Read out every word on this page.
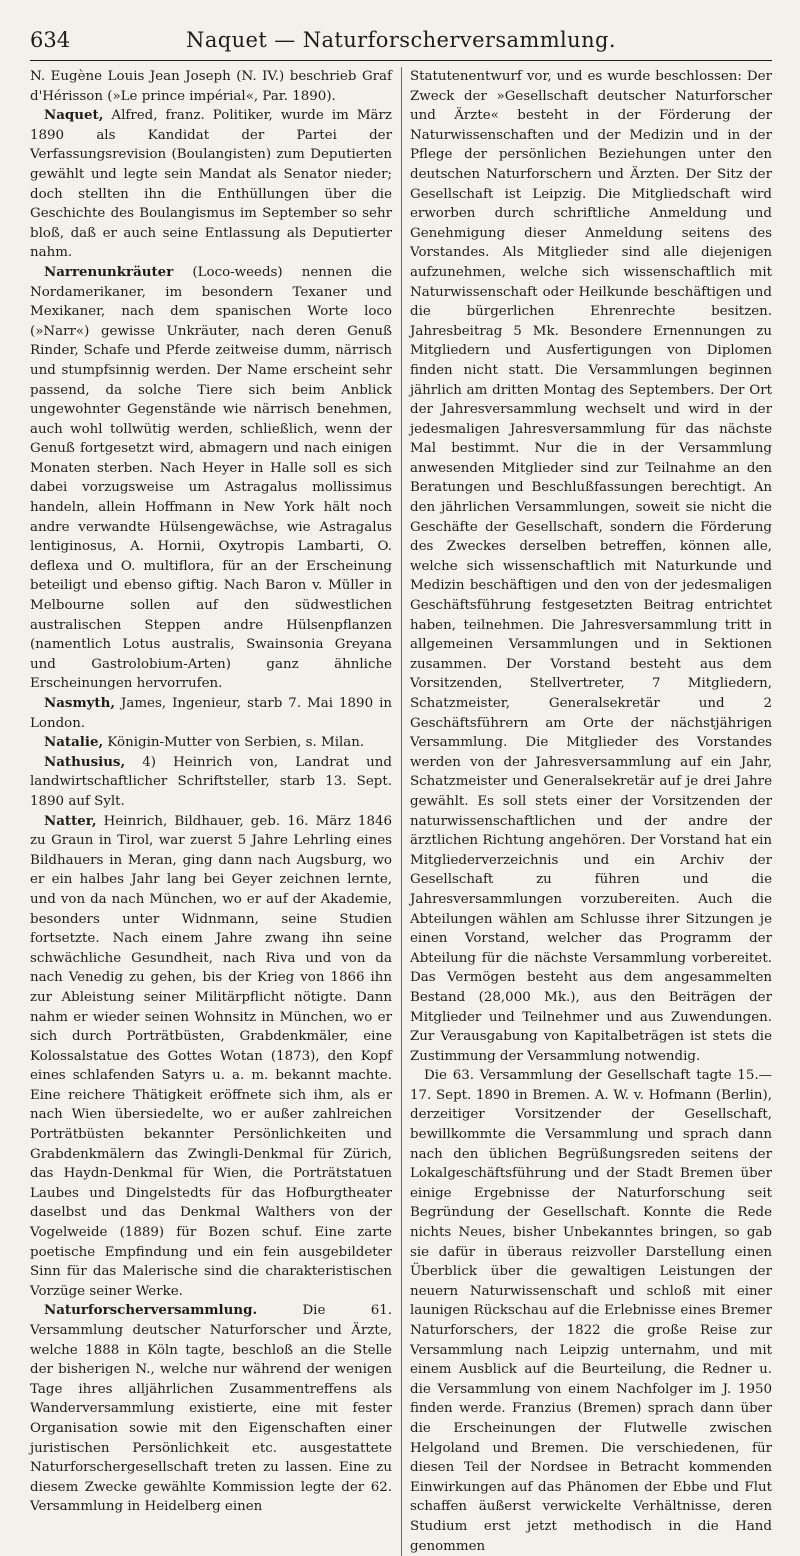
634	Naquet — Naturforscherversammlung.

N. Eugène Louis Jean Joseph (N. IV.) beschrieb Graf d'Hérisson (»Le prince impérial«, Par. 1890).

Naquet, Alfred, franz. Politiker, wurde im März 1890 als Kandidat der Partei der Verfassungsrevision (Boulangisten) zum Deputierten gewählt und legte sein Mandat als Senator nieder; doch stellten ihn die Enthüllungen über die Geschichte des Boulangismus im September so sehr bloß, daß er auch seine Entlassung als Deputierter nahm.

Narrenunkräuter (Loco-weeds) nennen die Nordamerikaner, im besondern Texaner und Mexikaner, nach dem spanischen Worte loco (»Narr«) gewisse Unkräuter, nach deren Genuß Rinder, Schafe und Pferde zeitweise dumm, närrisch und stumpfsinnig werden. Der Name erscheint sehr passend, da solche Tiere sich beim Anblick ungewohnter Gegenstände wie närrisch benehmen, auch wohl tollwütig werden, schließlich, wenn der Genuß fortgesetzt wird, abmagern und nach einigen Monaten sterben. Nach Heyer in Halle soll es sich dabei vorzugsweise um Astragalus mollissimus handeln, allein Hoffmann in New York hält noch andre verwandte Hülsengewächse, wie Astragalus lentiginosus, A. Hornii, Oxytropis Lambarti, O. deflexa und O. multiflora, für an der Erscheinung beteiligt und ebenso giftig. Nach Baron v. Müller in Melbourne sollen auf den südwestlichen australischen Steppen andre Hülsenpflanzen (namentlich Lotus australis, Swainsonia Greyana und Gastrolobium-Arten) ganz ähnliche Erscheinungen hervorrufen.

Nasmyth, James, Ingenieur, starb 7. Mai 1890 in London.

Natalie, Königin-Mutter von Serbien, s. Milan.

Nathusius, 4) Heinrich von, Landrat und landwirtschaftlicher Schriftsteller, starb 13. Sept. 1890 auf Sylt.

Natter, Heinrich, Bildhauer, geb. 16. März 1846 zu Graun in Tirol, war zuerst 5 Jahre Lehrling eines Bildhauers in Meran, ging dann nach Augsburg, wo er ein halbes Jahr lang bei Geyer zeichnen lernte, und von da nach München, wo er auf der Akademie, besonders unter Widnmann, seine Studien fortsetzte. Nach einem Jahre zwang ihn seine schwächliche Gesundheit, nach Riva und von da nach Venedig zu gehen, bis der Krieg von 1866 ihn zur Ableistung seiner Militärpflicht nötigte. Dann nahm er wieder seinen Wohnsitz in München, wo er sich durch Porträtbüsten, Grabdenkmäler, eine Kolossalstatue des Gottes Wotan (1873), den Kopf eines schlafenden Satyrs u. a. m. bekannt machte. Eine reichere Thätigkeit eröffnete sich ihm, als er nach Wien übersiedelte, wo er außer zahlreichen Porträtbüsten bekannter Persönlichkeiten und Grabdenkmälern das Zwingli-Denkmal für Zürich, das Haydn-Denkmal für Wien, die Porträtstatuen Laubes und Dingelstedts für das Hofburgtheater daselbst und das Denkmal Walthers von der Vogelweide (1889) für Bozen schuf. Eine zarte poetische Empfindung und ein fein ausgebildeter Sinn für das Malerische sind die charakteristischen Vorzüge seiner Werke.

Naturforscherversammlung. Die 61. Versammlung deutscher Naturforscher und Ärzte, welche 1888 in Köln tagte, beschloß an die Stelle der bisherigen N., welche nur während der wenigen Tage ihres alljährlichen Zusammentreffens als Wanderversammlung existierte, eine mit fester Organisation sowie mit den Eigenschaften einer juristischen Persönlichkeit etc. ausgestattete Naturforschergesellschaft treten zu lassen. Eine zu diesem Zwecke gewählte Kommission legte der 62. Versammlung in Heidelberg einen

Statutenentwurf vor, und es wurde beschlossen: Der Zweck der »Gesellschaft deutscher Naturforscher und Ärzte« besteht in der Förderung der Naturwissenschaften und der Medizin und in der Pflege der persönlichen Beziehungen unter den deutschen Naturforschern und Ärzten. Der Sitz der Gesellschaft ist Leipzig. Die Mitgliedschaft wird erworben durch schriftliche Anmeldung und Genehmigung dieser Anmeldung seitens des Vorstandes. Als Mitglieder sind alle diejenigen aufzunehmen, welche sich wissenschaftlich mit Naturwissenschaft oder Heilkunde beschäftigen und die bürgerlichen Ehrenrechte besitzen. Jahresbeitrag 5 Mk. Besondere Ernennungen zu Mitgliedern und Ausfertigungen von Diplomen finden nicht statt. Die Versammlungen beginnen jährlich am dritten Montag des Septembers. Der Ort der Jahresversammlung wechselt und wird in der jedesmaligen Jahresversammlung für das nächste Mal bestimmt. Nur die in der Versammlung anwesenden Mitglieder sind zur Teilnahme an den Beratungen und Beschlußfassungen berechtigt. An den jährlichen Versammlungen, soweit sie nicht die Geschäfte der Gesellschaft, sondern die Förderung des Zweckes derselben betreffen, können alle, welche sich wissenschaftlich mit Naturkunde und Medizin beschäftigen und den von der jedesmaligen Geschäftsführung festgesetzten Beitrag entrichtet haben, teilnehmen. Die Jahresversammlung tritt in allgemeinen Versammlungen und in Sektionen zusammen. Der Vorstand besteht aus dem Vorsitzenden, Stellvertreter, 7 Mitgliedern, Schatzmeister, Generalsekretär und 2 Geschäftsführern am Orte der nächstjährigen Versammlung. Die Mitglieder des Vorstandes werden von der Jahresversammlung auf ein Jahr, Schatzmeister und Generalsekretär auf je drei Jahre gewählt. Es soll stets einer der Vorsitzenden der naturwissenschaftlichen und der andre der ärztlichen Richtung angehören. Der Vorstand hat ein Mitgliederverzeichnis und ein Archiv der Gesellschaft zu führen und die Jahresversammlungen vorzubereiten. Auch die Abteilungen wählen am Schlusse ihrer Sitzungen je einen Vorstand, welcher das Programm der Abteilung für die nächste Versammlung vorbereitet. Das Vermögen besteht aus dem angesammelten Bestand (28,000 Mk.), aus den Beiträgen der Mitglieder und Teilnehmer und aus Zuwendungen. Zur Verausgabung von Kapitalbeträgen ist stets die Zustimmung der Versammlung notwendig.

Die 63. Versammlung der Gesellschaft tagte 15.—17. Sept. 1890 in Bremen. A. W. v. Hofmann (Berlin), derzeitiger Vorsitzender der Gesellschaft, bewillkommte die Versammlung und sprach dann nach den üblichen Begrüßungsreden seitens der Lokalgeschäftsführung und der Stadt Bremen über einige Ergebnisse der Naturforschung seit Begründung der Gesellschaft. Konnte die Rede nichts Neues, bisher Unbekanntes bringen, so gab sie dafür in überaus reizvoller Darstellung einen Überblick über die gewaltigen Leistungen der neuern Naturwissenschaft und schloß mit einer launigen Rückschau auf die Erlebnisse eines Bremer Naturforschers, der 1822 die große Reise zur Versammlung nach Leipzig unternahm, und mit einem Ausblick auf die Beurteilung, die Redner u. die Versammlung von einem Nachfolger im J. 1950 finden werde. Franzius (Bremen) sprach dann über die Erscheinungen der Flutwelle zwischen Helgoland und Bremen. Die verschiedenen, für diesen Teil der Nordsee in Betracht kommenden Einwirkungen auf das Phänomen der Ebbe und Flut schaffen äußerst verwickelte Verhältnisse, deren Studium erst jetzt methodisch in die Hand genommen
